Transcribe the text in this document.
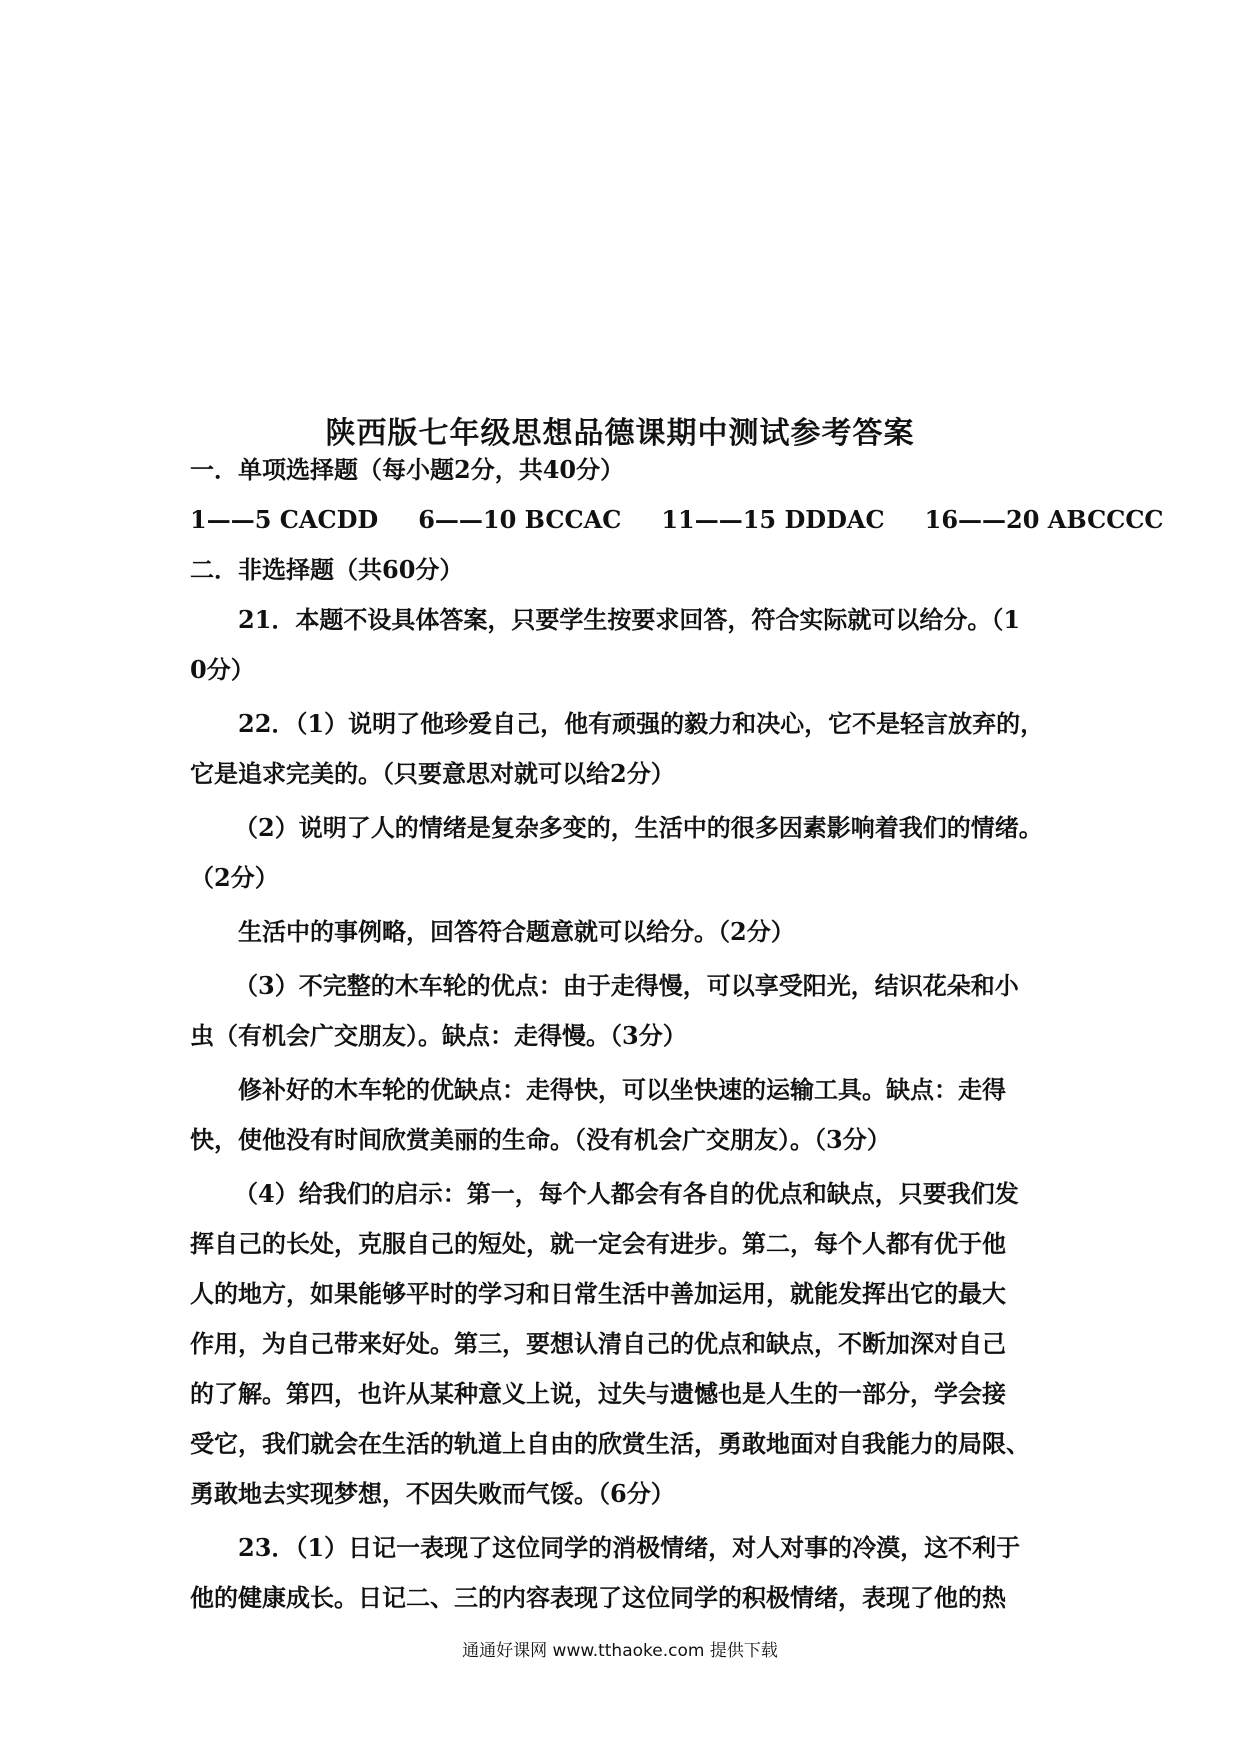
陕西版七年级思想品德课期中测试参考答案
一．单项选择题（每小题2分，共40分）
1——5 CACDD 6——10 BCCAC 11——15 DDDAC 16——20 ABCCCC
二．非选择题（共60分）
21．本题不设具体答案，只要学生按要求回答，符合实际就可以给分。（1
0分）
22．（1）说明了他珍爱自己，他有顽强的毅力和决心，它不是轻言放弃的，
它是追求完美的。（只要意思对就可以给2分）
（2）说明了人的情绪是复杂多变的，生活中的很多因素影响着我们的情绪。
（2分）
生活中的事例略，回答符合题意就可以给分。（2分）
（3）不完整的木车轮的优点：由于走得慢，可以享受阳光，结识花朵和小
虫（有机会广交朋友）。缺点：走得慢。（3分）
修补好的木车轮的优缺点：走得快，可以坐快速的运输工具。缺点：走得
快，使他没有时间欣赏美丽的生命。（没有机会广交朋友）。（3分）
（4）给我们的启示：第一，每个人都会有各自的优点和缺点，只要我们发
挥自己的长处，克服自己的短处，就一定会有进步。第二，每个人都有优于他
人的地方，如果能够平时的学习和日常生活中善加运用，就能发挥出它的最大
作用，为自己带来好处。第三，要想认清自己的优点和缺点，不断加深对自己
的了解。第四，也许从某种意义上说，过失与遗憾也是人生的一部分，学会接
受它，我们就会在生活的轨道上自由的欣赏生活，勇敢地面对自我能力的局限、
勇敢地去实现梦想，不因失败而气馁。（6分）
23．（1）日记一表现了这位同学的消极情绪，对人对事的冷漠，这不利于
他的健康成长。日记二、三的内容表现了这位同学的积极情绪，表现了他的热
通通好课网 www.tthaoke.com 提供下载
